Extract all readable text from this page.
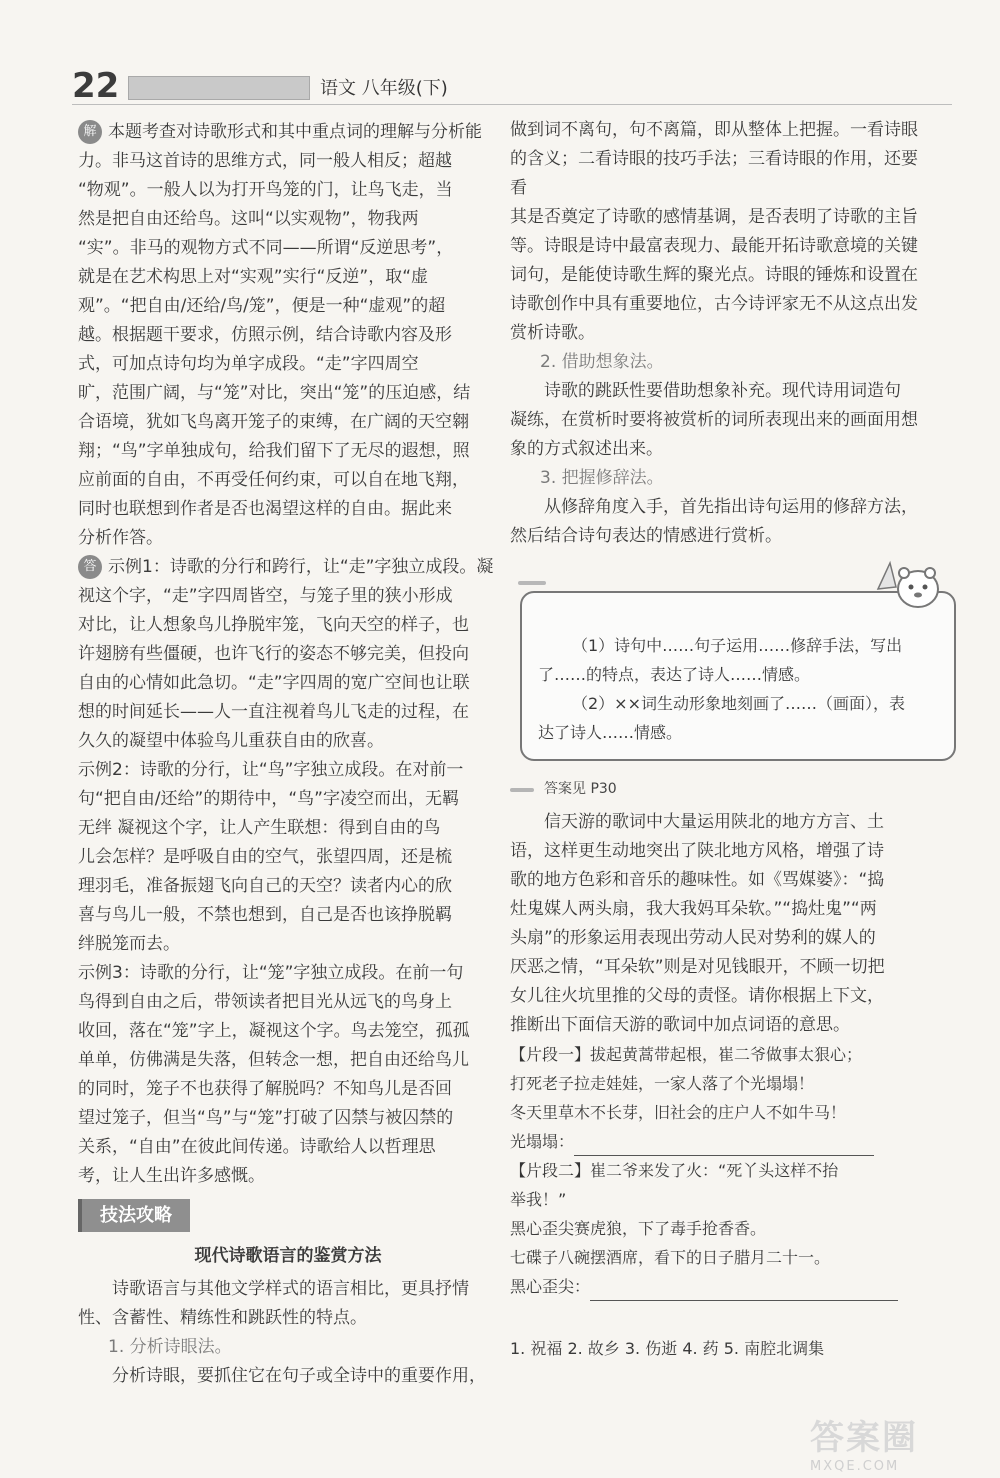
22	语文 八年级(下)

解 本题考查对诗歌形式和其中重点词的理解与分析能

力。非马这首诗的思维方式，同一般人相反；超越

“物观”。一般人以为打开鸟笼的门，让鸟飞走，当

然是把自由还给鸟。这叫“以实观物”，物我两

“实”。非马的观物方式不同——所谓“反逆思考”，

就是在艺术构思上对“实观”实行“反逆”，取“虚

观”。“把自由/还给/鸟/笼”，便是一种“虚观”的超

越。根据题干要求，仿照示例，结合诗歌内容及形

式，可加点诗句均为单字成段。“走”字四周空

旷，范围广阔，与“笼”对比，突出“笼”的压迫感，结

合语境，犹如飞鸟离开笼子的束缚，在广阔的天空翱

翔；“鸟”字单独成句，给我们留下了无尽的遐想，照

应前面的自由，不再受任何约束，可以自在地飞翔，

同时也联想到作者是否也渴望这样的自由。据此来

分析作答。

答 示例1：诗歌的分行和跨行，让“走”字独立成段。凝

视这个字，“走”字四周皆空，与笼子里的狭小形成

对比，让人想象鸟儿挣脱牢笼，飞向天空的样子，也

许翅膀有些僵硬，也许飞行的姿态不够完美，但投向

自由的心情如此急切。“走”字四周的宽广空间也让联

想的时间延长——人一直注视着鸟儿飞走的过程，在

久久的凝望中体验鸟儿重获自由的欣喜。

示例2：诗歌的分行，让“鸟”字独立成段。在对前一

句“把自由/还给”的期待中，“鸟”字凌空而出，无羁

无绊 凝视这个字，让人产生联想：得到自由的鸟

儿会怎样？是呼吸自由的空气，张望四周，还是梳

理羽毛，准备振翅飞向自己的天空？读者内心的欣

喜与鸟儿一般，不禁也想到，自己是否也该挣脱羁

绊脱笼而去。

示例3：诗歌的分行，让“笼”字独立成段。在前一句

鸟得到自由之后，带领读者把目光从远飞的鸟身上

收回，落在“笼”字上，凝视这个字。鸟去笼空，孤孤

单单，仿佛满是失落，但转念一想，把自由还给鸟儿

的同时，笼子不也获得了解脱吗？不知鸟儿是否回

望过笼子，但当“鸟”与“笼”打破了囚禁与被囚禁的

关系，“自由”在彼此间传递。诗歌给人以哲理思

考，让人生出许多感慨。

技法攻略
现代诗歌语言的鉴赏方法

诗歌语言与其他文学样式的语言相比，更具抒情

性、含蓄性、精练性和跳跃性的特点。

1. 分析诗眼法。

分析诗眼，要抓住它在句子或全诗中的重要作用，

做到词不离句，句不离篇，即从整体上把握。一看诗眼

的含义；二看诗眼的技巧手法；三看诗眼的作用，还要看

其是否奠定了诗歌的感情基调，是否表明了诗歌的主旨

等。诗眼是诗中最富表现力、最能开拓诗歌意境的关键

词句，是能使诗歌生辉的聚光点。诗眼的锤炼和设置在

诗歌创作中具有重要地位，古今诗评家无不从这点出发

赏析诗歌。

2. 借助想象法。

诗歌的跳跃性要借助想象补充。现代诗用词造句

凝练，在赏析时要将被赏析的词所表现出来的画面用想

象的方式叙述出来。

3. 把握修辞法。

从修辞角度入手，首先指出诗句运用的修辞方法，

然后结合诗句表达的情感进行赏析。

（1）诗句中……句子运用……修辞手法，写出

了……的特点，表达了诗人……情感。

（2）××词生动形象地刻画了……（画面），表

达了诗人……情感。

答案见 P30

信天游的歌词中大量运用陕北的地方方言、土

语，这样更生动地突出了陕北地方风格，增强了诗

歌的地方色彩和音乐的趣味性。如《骂媒婆》：“捣

灶鬼媒人两头扇，我大我妈耳朵软。”“捣灶鬼”“两

头扇”的形象运用表现出劳动人民对势利的媒人的

厌恶之情，“耳朵软”则是对见钱眼开，不顾一切把

女儿往火坑里推的父母的责怪。请你根据上下文，

推断出下面信天游的歌词中加点词语的意思。

【片段一】拔起黄蒿带起根，崔二爷做事太狠心；

打死老子拉走娃娃，一家人落了个光塌塌！

冬天里草木不长芽，旧社会的庄户人不如牛马！

光塌塌：

【片段二】崔二爷来发了火：“死丫头这样不抬

举我！”

黑心歪尖赛虎狼，下了毒手抢香香。

七碟子八碗摆酒席，看下的日子腊月二十一。

黑心歪尖：

1. 祝福 2. 故乡 3. 伤逝 4. 药 5. 南腔北调集

答案圈
MXQE.COM
